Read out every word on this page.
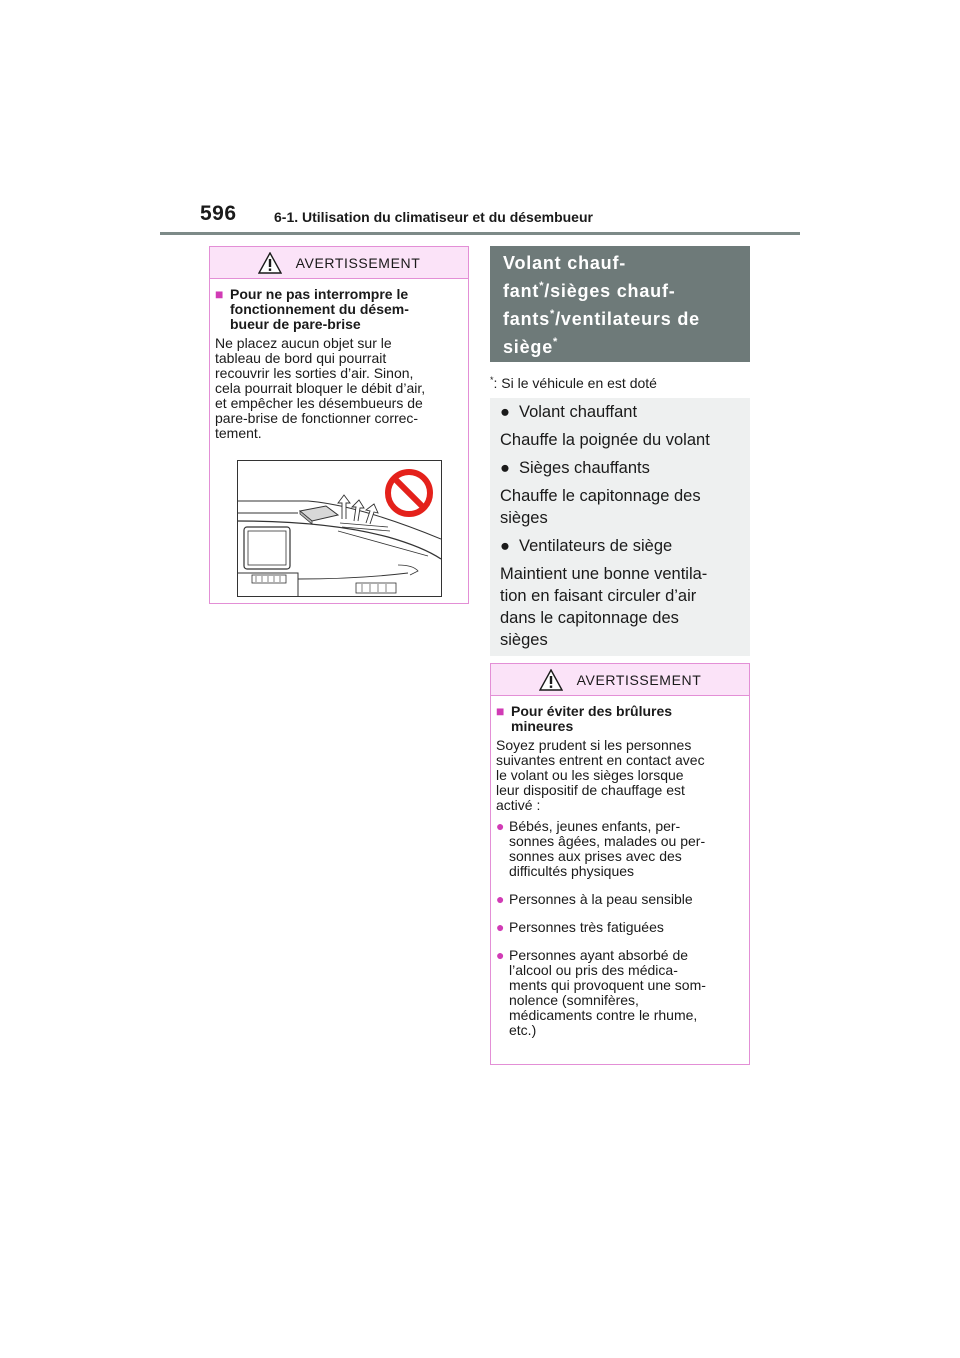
596	6-1. Utilisation du climatiseur et du désembueur
AVERTISSEMENT
■ Pour ne pas interrompre le
fonctionnement du désem-
bueur de pare-brise
Ne placez aucun objet sur le
tableau de bord qui pourrait
recouvrir les sorties d’air. Sinon,
cela pourrait bloquer le débit d’air,
et empêcher les désembueurs de
pare-brise de fonctionner correc-
tement.
Volant chauf-
fant*/sièges chauf-
fants*/ventilateurs de
siège*
*: Si le véhicule en est doté
● Volant chauffant
Chauffe la poignée du volant
● Sièges chauffants
Chauffe le capitonnage des
sièges
● Ventilateurs de siège
Maintient une bonne ventila-
tion en faisant circuler d’air
dans le capitonnage des
sièges
AVERTISSEMENT
■ Pour éviter des brûlures
mineures
Soyez prudent si les personnes
suivantes entrent en contact avec
le volant ou les sièges lorsque
leur dispositif de chauffage est
activé :
● Bébés, jeunes enfants, per-
sonnes âgées, malades ou per-
sonnes aux prises avec des
difficultés physiques
● Personnes à la peau sensible
● Personnes très fatiguées
● Personnes ayant absorbé de
l’alcool ou pris des médica-
ments qui provoquent une som-
nolence (somnifères,
médicaments contre le rhume,
etc.)
